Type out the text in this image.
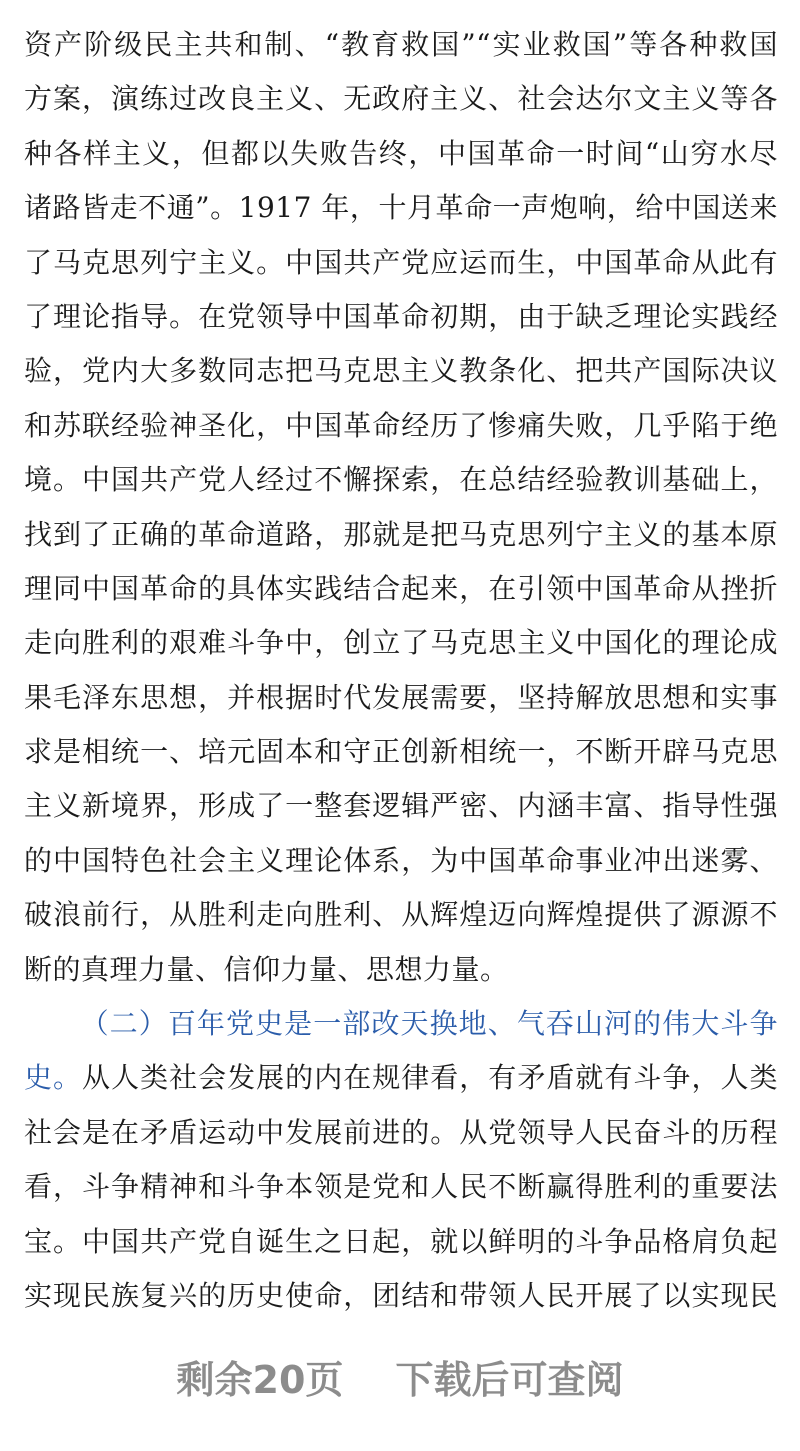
资产阶级民主共和制、“教育救国”“实业救国”等各种救国
方案，演练过改良主义、无政府主义、社会达尔文主义等各
种各样主义，但都以失败告终，中国革命一时间“山穷水尽
诸路皆走不通”。1917 年，十月革命一声炮响，给中国送来
了马克思列宁主义。中国共产党应运而生，中国革命从此有
了理论指导。在党领导中国革命初期，由于缺乏理论实践经
验，党内大多数同志把马克思主义教条化、把共产国际决议
和苏联经验神圣化，中国革命经历了惨痛失败，几乎陷于绝
境。中国共产党人经过不懈探索，在总结经验教训基础上，
找到了正确的革命道路，那就是把马克思列宁主义的基本原
理同中国革命的具体实践结合起来，在引领中国革命从挫折
走向胜利的艰难斗争中，创立了马克思主义中国化的理论成
果毛泽东思想，并根据时代发展需要，坚持解放思想和实事
求是相统一、培元固本和守正创新相统一，不断开辟马克思
主义新境界，形成了一整套逻辑严密、内涵丰富、指导性强
的中国特色社会主义理论体系，为中国革命事业冲出迷雾、
破浪前行，从胜利走向胜利、从辉煌迈向辉煌提供了源源不
断的真理力量、信仰力量、思想力量。
（二）百年党史是一部改天换地、气吞山河的伟大斗争
史。从人类社会发展的内在规律看，有矛盾就有斗争，人类
社会是在矛盾运动中发展前进的。从党领导人民奋斗的历程
看，斗争精神和斗争本领是党和人民不断赢得胜利的重要法
宝。中国共产党自诞生之日起，就以鲜明的斗争品格肩负起
实现民族复兴的历史使命，团结和带领人民开展了以实现民
剩余20页 下载后可查阅
